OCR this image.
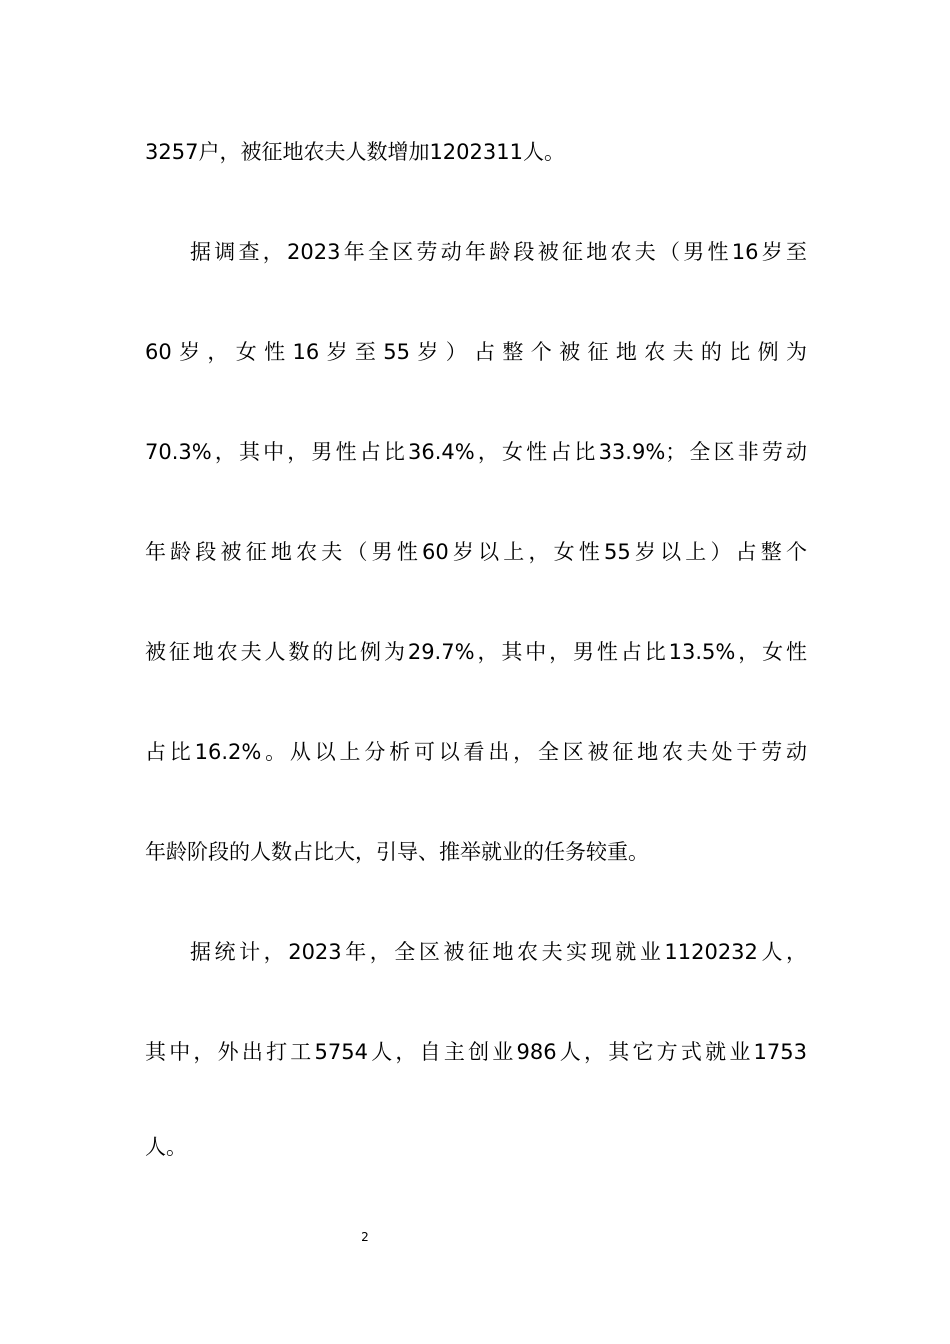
3257户，被征地农夫人数增加1202311人。
据调查，2023年全区劳动年龄段被征地农夫（男性16岁至
60岁，女性16岁至55岁）占整个被征地农夫的比例为
70.3%，其中，男性占比36.4%，女性占比33.9%；全区非劳动
年龄段被征地农夫（男性60岁以上，女性55岁以上）占整个
被征地农夫人数的比例为29.7%，其中，男性占比13.5%，女性
占比16.2%。从以上分析可以看出，全区被征地农夫处于劳动
年龄阶段的人数占比大，引导、推举就业的任务较重。
据统计，2023年，全区被征地农夫实现就业1120232人，
其中，外出打工5754人，自主创业986人，其它方式就业1753
人。
2
